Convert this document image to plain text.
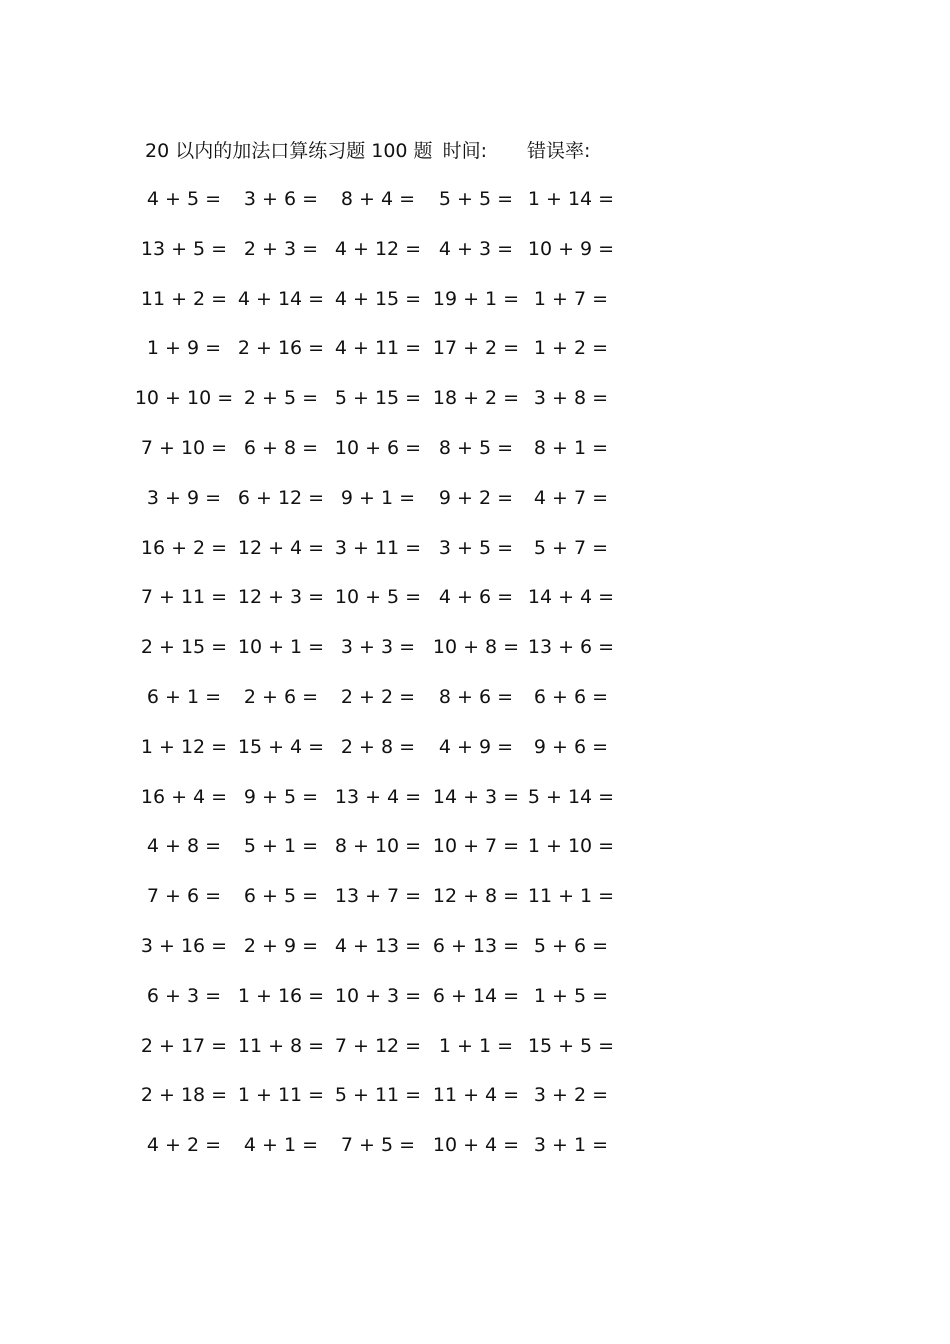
20 以内的加法口算练习题 100 题 时间: 错误率:
4 + 5 = 3 + 6 = 8 + 4 = 5 + 5 = 1 + 14 =
13 + 5 = 2 + 3 = 4 + 12 = 4 + 3 = 10 + 9 =
11 + 2 = 4 + 14 = 4 + 15 = 19 + 1 = 1 + 7 =
1 + 9 = 2 + 16 = 4 + 11 = 17 + 2 = 1 + 2 =
10 + 10 = 2 + 5 = 5 + 15 = 18 + 2 = 3 + 8 =
7 + 10 = 6 + 8 = 10 + 6 = 8 + 5 = 8 + 1 =
3 + 9 = 6 + 12 = 9 + 1 = 9 + 2 = 4 + 7 =
16 + 2 = 12 + 4 = 3 + 11 = 3 + 5 = 5 + 7 =
7 + 11 = 12 + 3 = 10 + 5 = 4 + 6 = 14 + 4 =
2 + 15 = 10 + 1 = 3 + 3 = 10 + 8 = 13 + 6 =
6 + 1 = 2 + 6 = 2 + 2 = 8 + 6 = 6 + 6 =
1 + 12 = 15 + 4 = 2 + 8 = 4 + 9 = 9 + 6 =
16 + 4 = 9 + 5 = 13 + 4 = 14 + 3 = 5 + 14 =
4 + 8 = 5 + 1 = 8 + 10 = 10 + 7 = 1 + 10 =
7 + 6 = 6 + 5 = 13 + 7 = 12 + 8 = 11 + 1 =
3 + 16 = 2 + 9 = 4 + 13 = 6 + 13 = 5 + 6 =
6 + 3 = 1 + 16 = 10 + 3 = 6 + 14 = 1 + 5 =
2 + 17 = 11 + 8 = 7 + 12 = 1 + 1 = 15 + 5 =
2 + 18 = 1 + 11 = 5 + 11 = 11 + 4 = 3 + 2 =
4 + 2 = 4 + 1 = 7 + 5 = 10 + 4 = 3 + 1 =
